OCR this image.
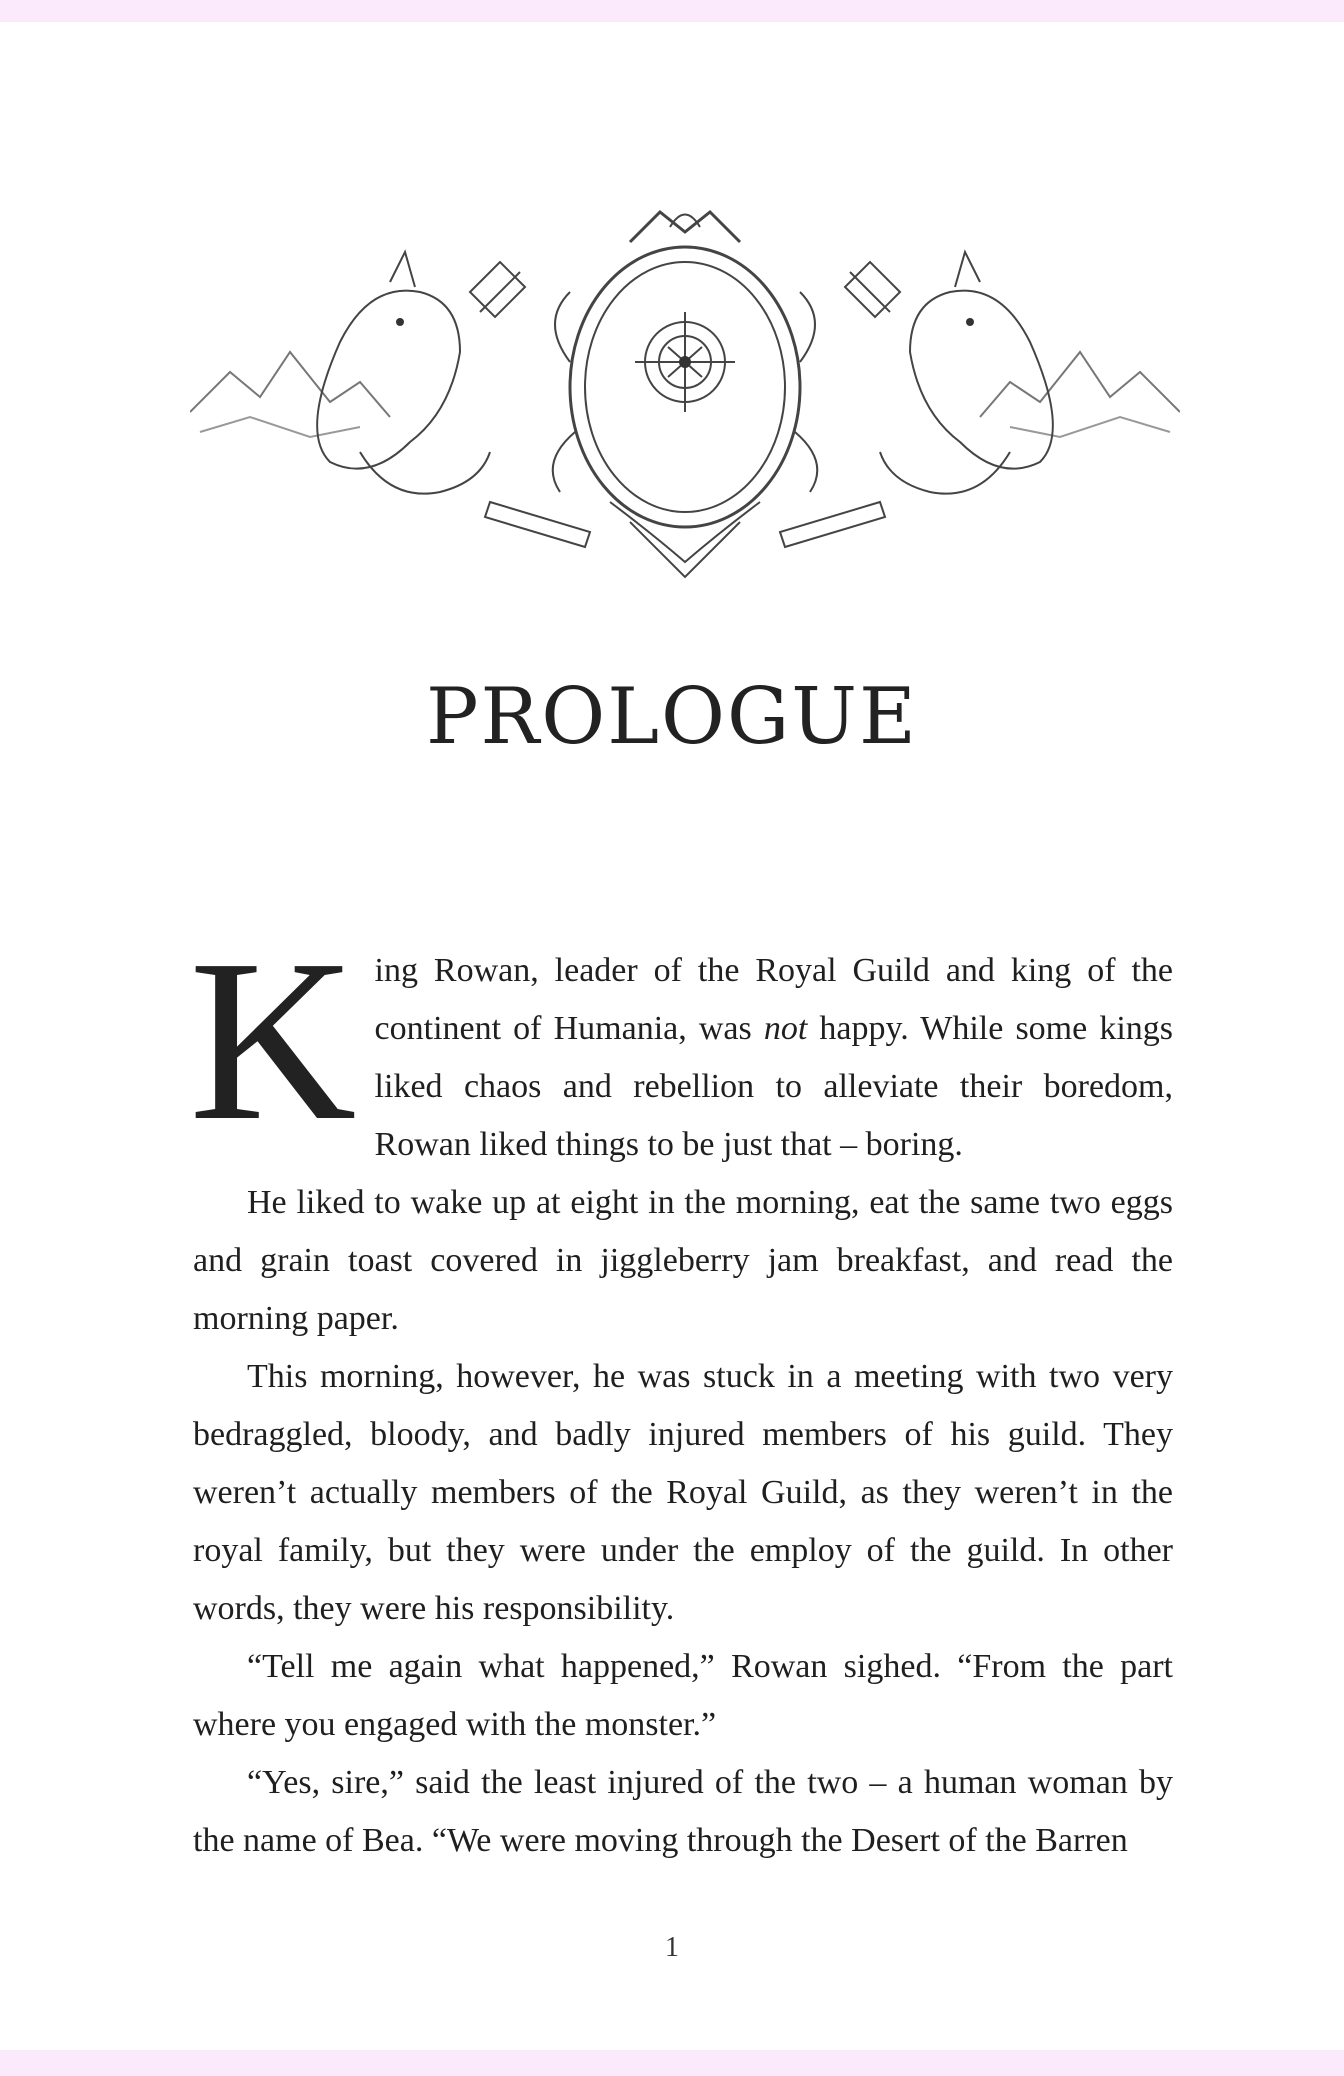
PROLOGUE

King Rowan, leader of the Royal Guild and king of the continent of Humania, was not happy. While some kings liked chaos and rebellion to alleviate their boredom, Rowan liked things to be just that – boring.

He liked to wake up at eight in the morning, eat the same two eggs and grain toast covered in jiggleberry jam breakfast, and read the morning paper.

This morning, however, he was stuck in a meeting with two very bedraggled, bloody, and badly injured members of his guild. They weren’t actually members of the Royal Guild, as they weren’t in the royal family, but they were under the employ of the guild. In other words, they were his responsibility.

“Tell me again what happened,” Rowan sighed. “From the part where you engaged with the monster.”

“Yes, sire,” said the least injured of the two – a human woman by the name of Bea. “We were moving through the Desert of the Barren

1
